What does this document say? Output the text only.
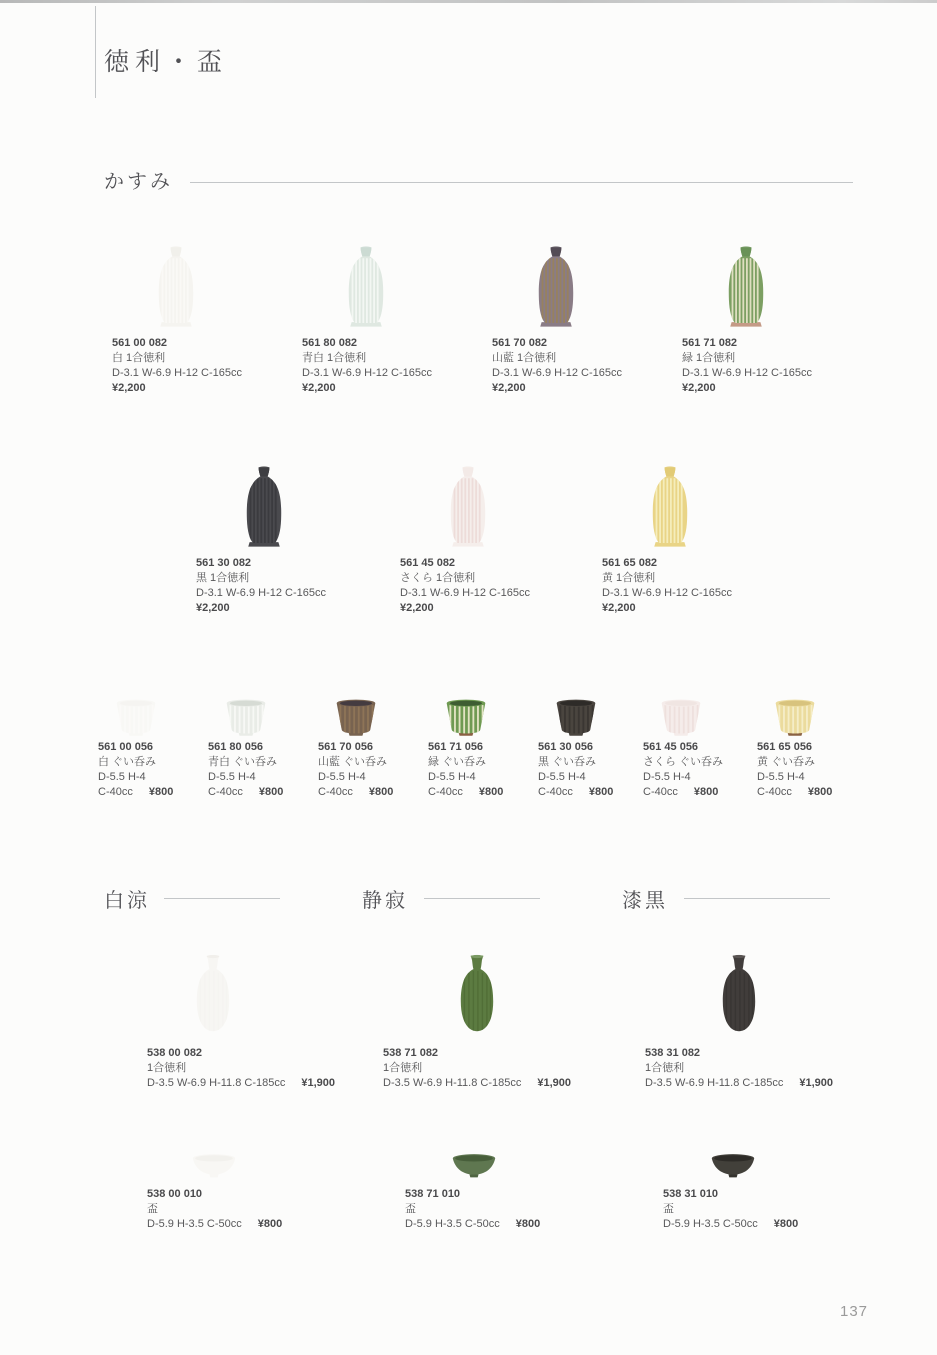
徳利・盃
かすみ
561 00 082
白 1合徳利
D-3.1 W-6.9 H-12 C-165cc
¥2,200
561 80 082
青白 1合徳利
D-3.1 W-6.9 H-12 C-165cc
¥2,200
561 70 082
山藍 1合徳利
D-3.1 W-6.9 H-12 C-165cc
¥2,200
561 71 082
緑 1合徳利
D-3.1 W-6.9 H-12 C-165cc
¥2,200
561 30 082
黒 1合徳利
D-3.1 W-6.9 H-12 C-165cc
¥2,200
561 45 082
さくら 1合徳利
D-3.1 W-6.9 H-12 C-165cc
¥2,200
561 65 082
黄 1合徳利
D-3.1 W-6.9 H-12 C-165cc
¥2,200
561 00 056
白 ぐい呑み
D-5.5 H-4
C-40cc ¥800
561 80 056
青白 ぐい呑み
D-5.5 H-4
C-40cc ¥800
561 70 056
山藍 ぐい呑み
D-5.5 H-4
C-40cc ¥800
561 71 056
緑 ぐい呑み
D-5.5 H-4
C-40cc ¥800
561 30 056
黒 ぐい呑み
D-5.5 H-4
C-40cc ¥800
561 45 056
さくら ぐい呑み
D-5.5 H-4
C-40cc ¥800
561 65 056
黄 ぐい呑み
D-5.5 H-4
C-40cc ¥800
白涼	静寂	漆黒
538 00 082
1合徳利
D-3.5 W-6.9 H-11.8 C-185cc ¥1,900
538 71 082
1合徳利
D-3.5 W-6.9 H-11.8 C-185cc ¥1,900
538 31 082
1合徳利
D-3.5 W-6.9 H-11.8 C-185cc ¥1,900
538 00 010
盃
D-5.9 H-3.5 C-50cc ¥800
538 71 010
盃
D-5.9 H-3.5 C-50cc ¥800
538 31 010
盃
D-5.9 H-3.5 C-50cc ¥800
137
